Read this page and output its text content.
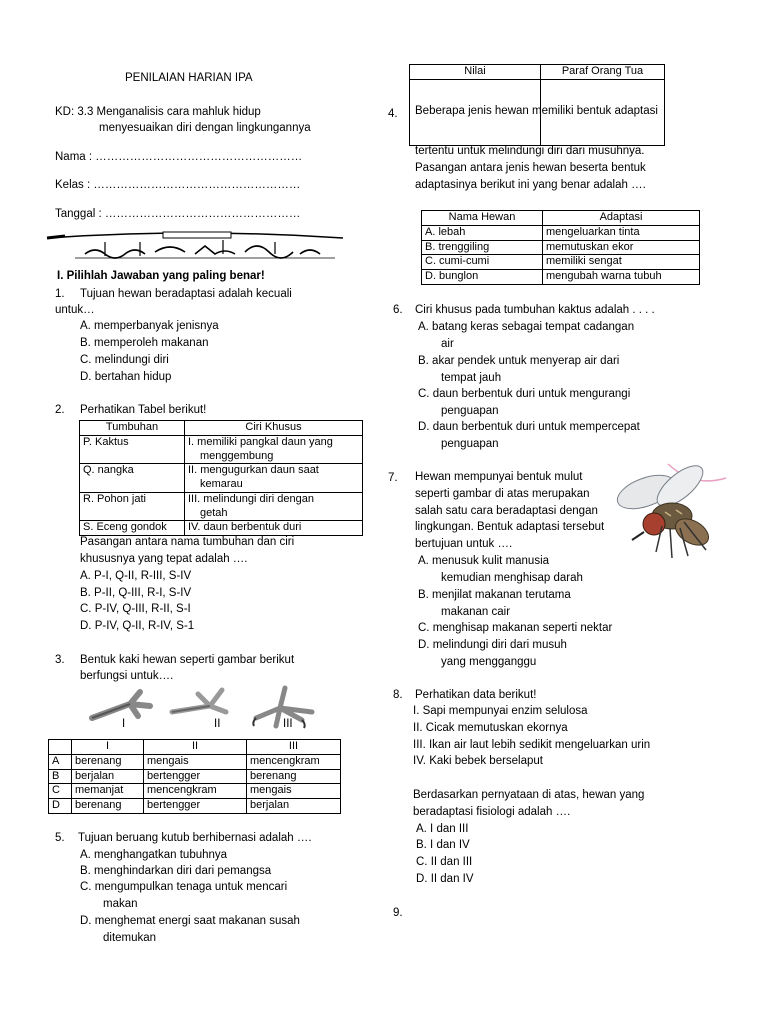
PENILAIAN HARIAN IPA
KD: 3.3 Menganalisis cara mahluk hidup
menyesuaikan diri dengan lingkungannya
Nama : ………………………………………………
Kelas : ………………………………………………
Tanggal : ……………………………………………
Nilai	Paraf Orang Tua

I. Pilihlah Jawaban yang paling benar!
1. Tujuan hewan beradaptasi adalah kecuali
untuk…
A. memperbanyak jenisnya
B. memperoleh makanan
C. melindungi diri
D. bertahan hidup
2. Perhatikan Tabel berikut!
Tumbuhan	Ciri Khusus
P. Kaktus	I. memiliki pangkal daun yang
menggembung

Q. nangka	II. mengugurkan daun saat
kemarau

R. Pohon jati	III. melindungi diri dengan
getah

S. Eceng gondok	IV. daun berbentuk duri
Pasangan antara nama tumbuhan dan ciri
khususnya yang tepat adalah ….
A. P-I, Q-II, R-III, S-IV
B. P-II, Q-III, R-I, S-IV
C. P-IV, Q-III, R-II, S-I
D. P-IV, Q-II, R-IV, S-1
3. Bentuk kaki hewan seperti gambar berikut
berfungsi untuk….
I	II	III
	I	II	III
A	berenang	mengais	mencengkram
B	berjalan	bertengger	berenang
C	memanjat	mencengkram	mengais
D	berenang	bertengger	berjalan
5. Tujuan beruang kutub berhibernasi adalah ….
A. menghangatkan tubuhnya
B. menghindarkan diri dari pemangsa
C. mengumpulkan tenaga untuk mencari
makan
D. menghemat energi saat makanan susah
ditemukan
4. Beberapa jenis hewan memiliki bentuk adaptasi
tertentu untuk melindungi diri dari musuhnya.
Pasangan antara jenis hewan beserta bentuk
adaptasinya berikut ini yang benar adalah ….
Nama Hewan	Adaptasi
A. lebah	mengeluarkan tinta
B. trenggiling	memutuskan ekor
C. cumi-cumi	memiliki sengat
D. bunglon	mengubah warna tubuh
6. Ciri khusus pada tumbuhan kaktus adalah . . . .
A. batang keras sebagai tempat cadangan
air
B. akar pendek untuk menyerap air dari
tempat jauh
C. daun berbentuk duri untuk mengurangi
penguapan
D. daun berbentuk duri untuk mempercepat
penguapan
7. Hewan mempunyai bentuk mulut
seperti gambar di atas merupakan
salah satu cara beradaptasi dengan
lingkungan. Bentuk adaptasi tersebut
bertujuan untuk ….
A. menusuk kulit manusia
kemudian menghisap darah
B. menjilat makanan terutama
makanan cair
C. menghisap makanan seperti nektar
D. melindungi diri dari musuh
yang mengganggu
8. Perhatikan data berikut!
I. Sapi mempunyai enzim selulosa
II. Cicak memutuskan ekornya
III. Ikan air laut lebih sedikit mengeluarkan urin
IV. Kaki bebek berselaput
Berdasarkan pernyataan di atas, hewan yang
beradaptasi fisiologi adalah ….
A. I dan III
B. I dan IV
C. II dan III
D. II dan IV
9.
